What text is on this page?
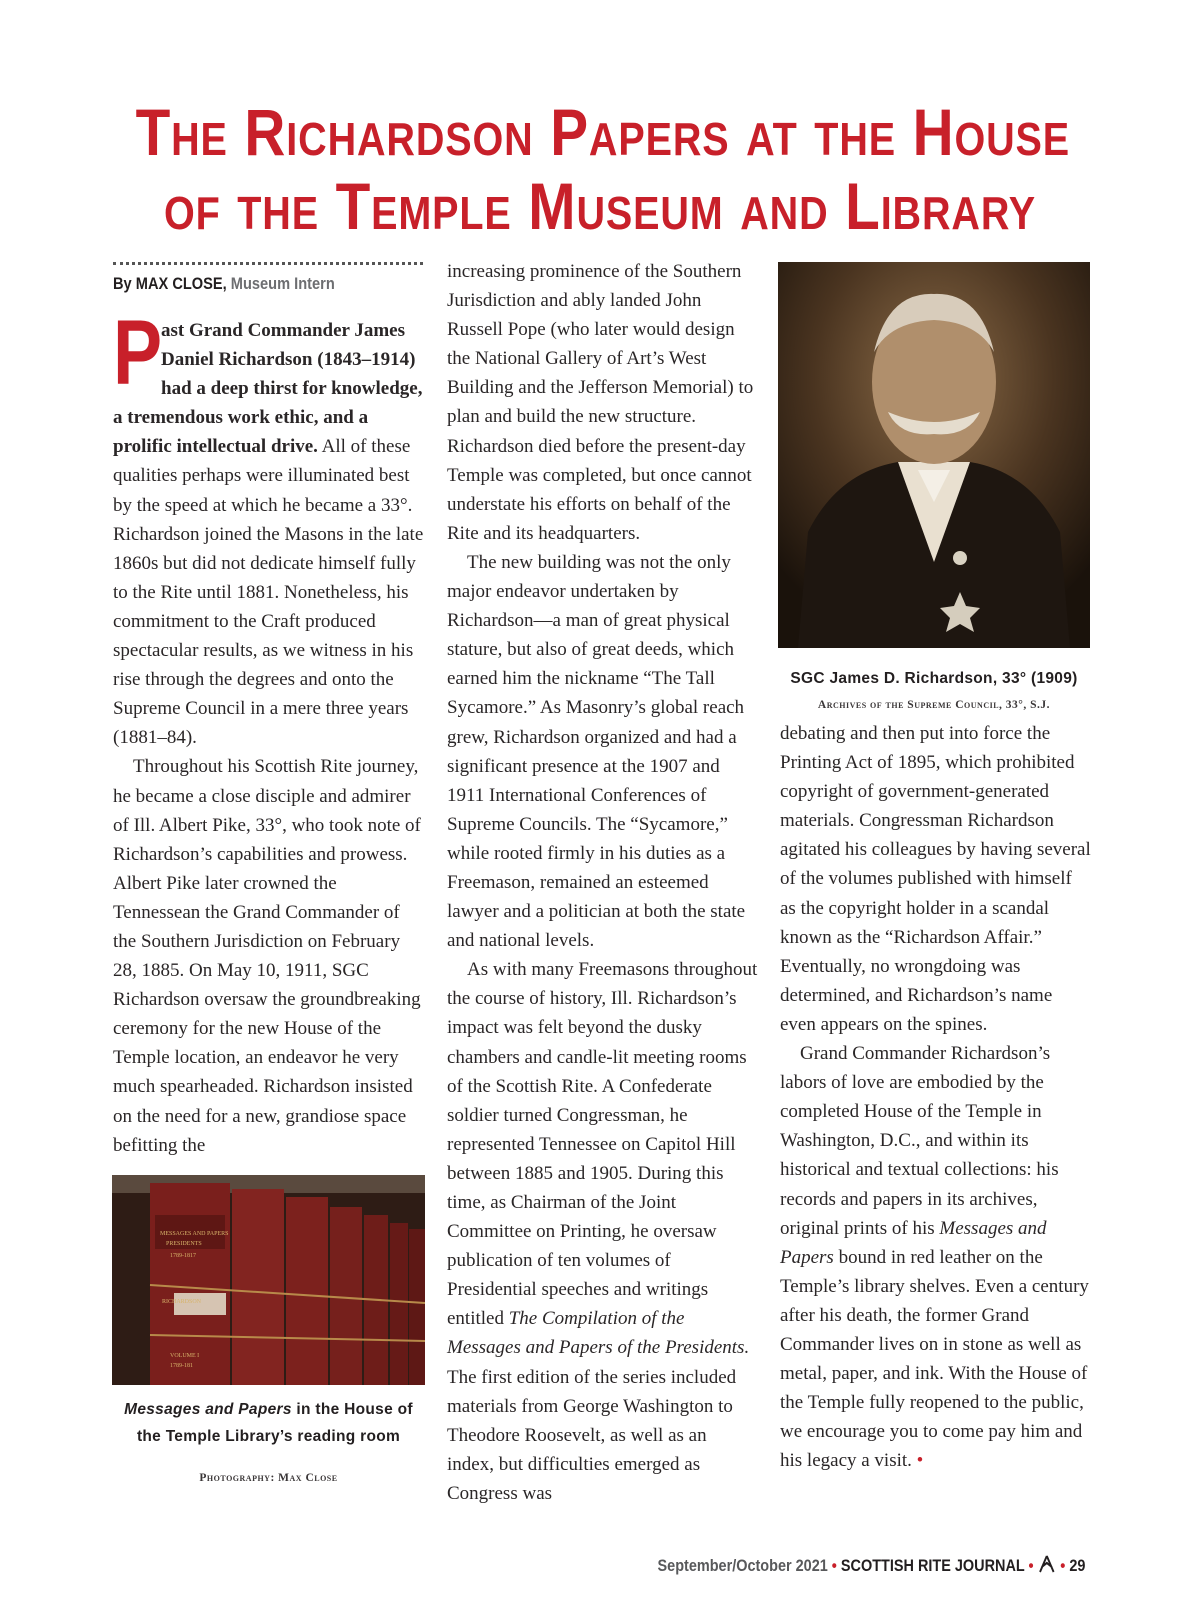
The Richardson Papers at the House
of the Temple Museum and Library
By MAX CLOSE, Museum Intern

P
ast Grand Commander James Daniel Richardson (1843–1914) had a deep thirst for knowledge, a tremendous work ethic, and a prolific intellectual drive. All of these qualities perhaps were illuminated best by the speed at which he became a 33°. Richardson joined the Masons in the late 1860s but did not dedicate himself fully to the Rite until 1881. Nonetheless, his commitment to the Craft produced spectacular results, as we witness in his rise through the degrees and onto the Supreme Council in a mere three years (1881–84).

Throughout his Scottish Rite journey, he became a close disciple and admirer of Ill. Albert Pike, 33°, who took note of Richardson’s capabilities and prowess. Albert Pike later crowned the Tennessean the Grand Commander of the Southern Jurisdiction on February 28, 1885. On May 10, 1911, SGC Richardson oversaw the groundbreaking ceremony for the new House of the Temple location, an endeavor he very much spearheaded. Richardson insisted on the need for a new, grandiose space befitting the

MESSAGES AND PAPERS
PRESIDENTS
1789-1817
RICHARDSON
VOLUME I
1789-181
Messages and Papers in the House of the Temple Library’s reading room
Photography: Max Close

increasing prominence of the Southern Jurisdiction and ably landed John Russell Pope (who later would design the National Gallery of Art’s West Building and the Jefferson Memorial) to plan and build the new structure. Richardson died before the present-day Temple was completed, but once cannot understate his efforts on behalf of the Rite and its headquarters.

The new building was not the only major endeavor undertaken by Richardson—a man of great physical stature, but also of great deeds, which earned him the nickname “The Tall Sycamore.” As Masonry’s global reach grew, Richardson organized and had a significant presence at the 1907 and 1911 International Conferences of Supreme Councils. The “Sycamore,” while rooted firmly in his duties as a Freemason, remained an esteemed lawyer and a politician at both the state and national levels.

As with many Freemasons throughout the course of history, Ill. Richardson’s impact was felt beyond the dusky chambers and candle-lit meeting rooms of the Scottish Rite. A Confederate soldier turned Congressman, he represented Tennessee on Capitol Hill between 1885 and 1905. During this time, as Chairman of the Joint Committee on Printing, he oversaw publication of ten volumes of Presidential speeches and writings entitled The Compilation of the Messages and Papers of the Presidents. The first edition of the series included materials from George Washington to Theodore Roosevelt, as well as an index, but difficulties emerged as Congress was

SGC James D. Richardson, 33° (1909)
Archives of the Supreme Council, 33°, S.J.

debating and then put into force the Printing Act of 1895, which prohibited copyright of government-generated materials. Congressman Richardson agitated his colleagues by having several of the volumes published with himself as the copyright holder in a scandal known as the “Richardson Affair.” Eventually, no wrongdoing was determined, and Richardson’s name even appears on the spines.

Grand Commander Richardson’s labors of love are embodied by the completed House of the Temple in Washington, D.C., and within its historical and textual collections: his records and papers in its archives, original prints of his Messages and Papers bound in red leather on the Temple’s library shelves. Even a century after his death, the former Grand Commander lives on in stone as well as metal, paper, and ink. With the House of the Temple fully reopened to the public, we encourage you to come pay him and his legacy a visit. •

September/October 2021 • SCOTTISH RITE JOURNAL •  • 29
